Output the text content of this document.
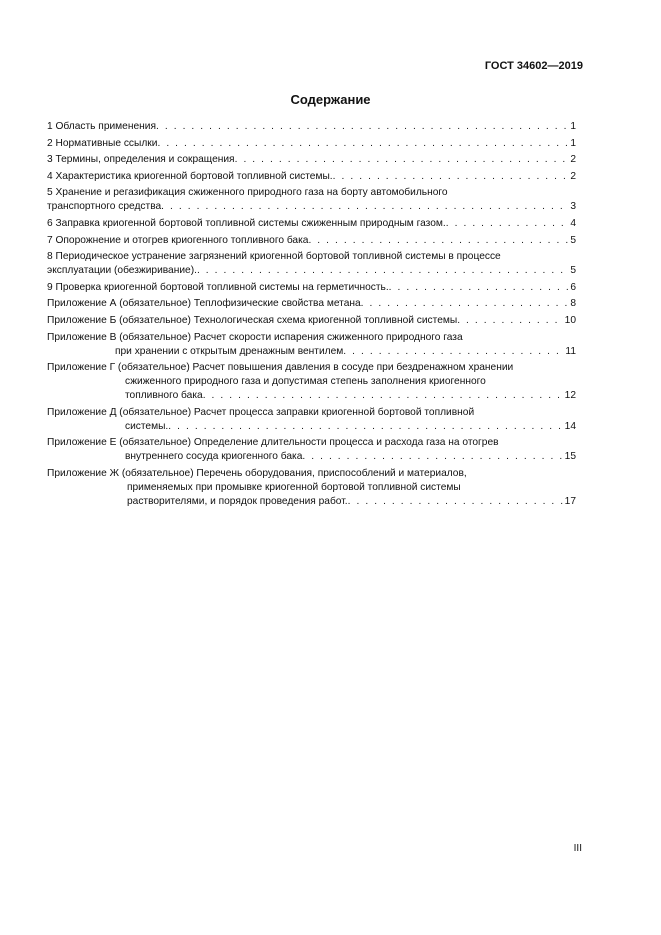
ГОСТ 34602—2019
Содержание
1 Область применения . . .	1
2 Нормативные ссылки . . .	1
3 Термины, определения и сокращения . . .	2
4 Характеристика криогенной бортовой топливной системы. . . .	2
5 Хранение и регазификация сжиженного природного газа на борту автомобильного
транспортного средства . . .	3
6 Заправка криогенной бортовой топливной системы сжиженным природным газом. . . .	4
7 Опорожнение и отогрев криогенного топливного бака . . .	5
8 Периодическое устранение загрязнений криогенной бортовой топливной системы в процессе
эксплуатации (обезжиривание). . . .	5
9 Проверка криогенной бортовой топливной системы на герметичность. . . .	6
Приложение А (обязательное) Теплофизические свойства метана . . .	8
Приложение Б (обязательное) Технологическая схема криогенной топливной системы . . .	10
Приложение В (обязательное) Расчет скорости испарения сжиженного природного газа
при хранении с открытым дренажным вентилем . . .	11
Приложение Г (обязательное) Расчет повышения давления в сосуде при бездренажном хранении
сжиженного природного газа и допустимая степень заполнения криогенного
топливного бака . . .	12
Приложение Д (обязательное) Расчет процесса заправки криогенной бортовой топливной
системы. . . .	14
Приложение Е (обязательное) Определение длительности процесса и расхода газа на отогрев
внутреннего сосуда криогенного бака . . .	15
Приложение Ж (обязательное) Перечень оборудования, приспособлений и материалов,
применяемых при промывке криогенной бортовой топливной системы
растворителями, и порядок проведения работ. . . .	17
III
